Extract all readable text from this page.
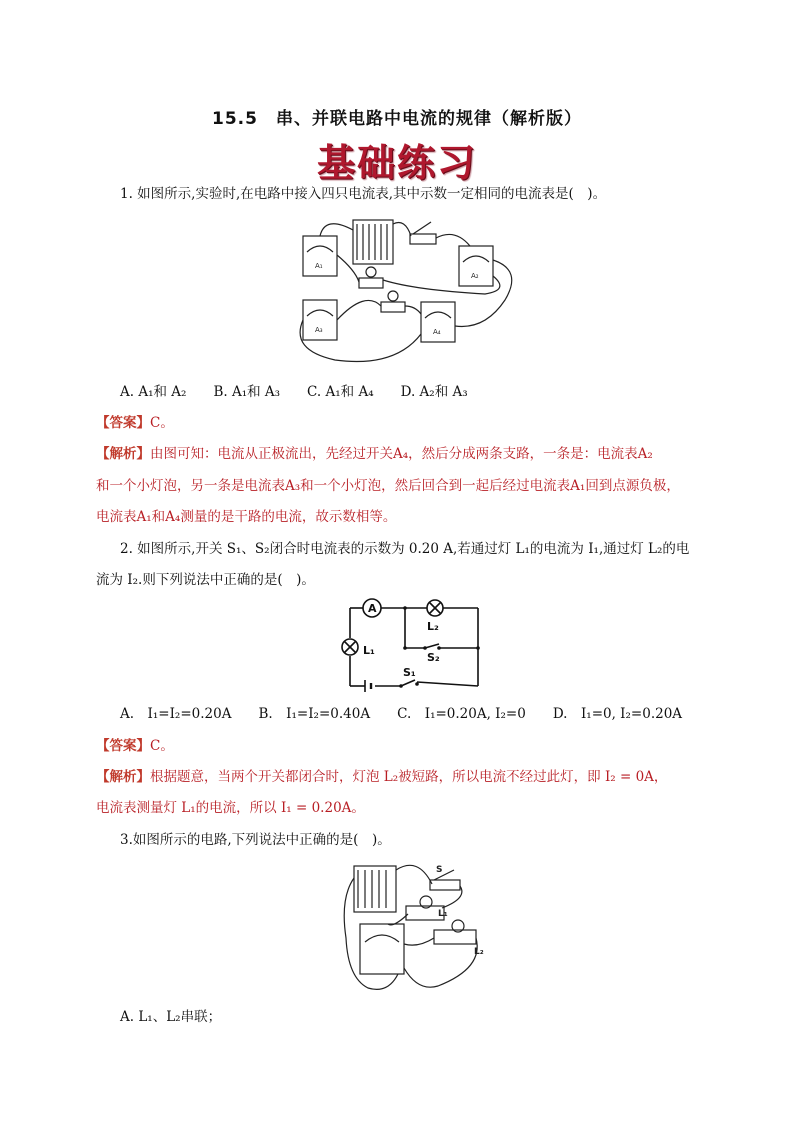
15.5　串、并联电路中电流的规律（解析版）
基础练习
1. 如图所示,实验时,在电路中接入四只电流表,其中示数一定相同的电流表是(　)。
A₁
A₂
A₃	A₄
A. A₁和 A₂　　B. A₁和 A₃　　C. A₁和 A₄　　D. A₂和 A₃
【答案】C。
【解析】由图可知：电流从正极流出，先经过开关A₄，然后分成两条支路，一条是：电流表A₂
和一个小灯泡，另一条是电流表A₃和一个小灯泡，然后回合到一起后经过电流表A₁回到点源负极，
电流表A₁和A₄测量的是干路的电流，故示数相等。
2. 如图所示,开关 S₁、S₂闭合时电流表的示数为 0.20 A,若通过灯 L₁的电流为 I₁,通过灯 L₂的电
流为 I₂.则下列说法中正确的是(　)。
A
L₂
L₁
S₂
S₁
A.　I₁=I₂=0.20A　　B.　I₁=I₂=0.40A　　C.　I₁=0.20A, I₂=0　　D.　I₁=0, I₂=0.20A
【答案】C。
【解析】根据题意，当两个开关都闭合时，灯泡 L₂被短路，所以电流不经过此灯，即 I₂ = 0A，
电流表测量灯 L₁的电流，所以 I₁ = 0.20A。
3.如图所示的电路,下列说法中正确的是(　)。
S
L₁
L₂
A. L₁、L₂串联；
